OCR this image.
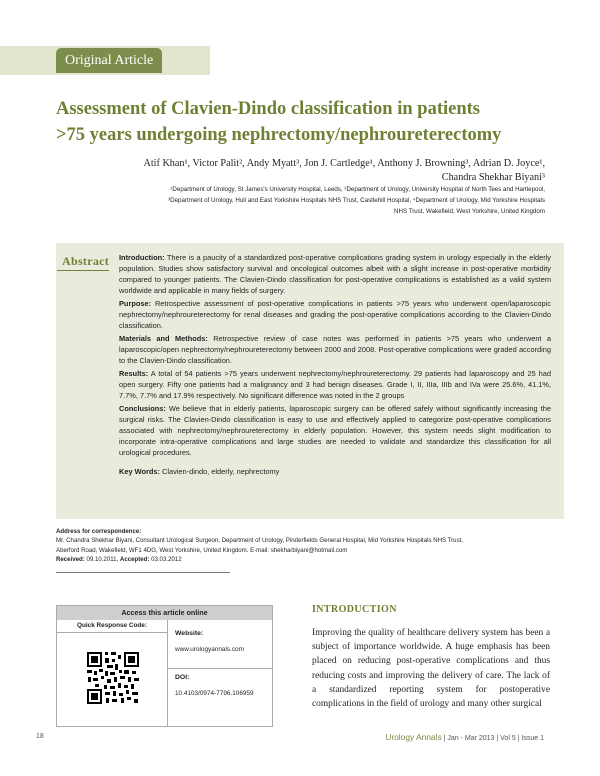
Original Article
Assessment of Clavien-Dindo classification in patients
>75 years undergoing nephrectomy/nephroureterectomy
Atif Khan¹, Victor Palit², Andy Myatt³, Jon J. Cartledge¹, Anthony J. Browning³, Adrian D. Joyce¹,
Chandra Shekhar Biyani³
¹Department of Urology, St James's University Hospital, Leeds, ²Department of Urology, University Hospital of North Tees and Hartlepool,
³Department of Urology, Hull and East Yorkshire Hospitals NHS Trust, Castlehill Hospital, ⁴Department of Urology, Mid Yorkshire Hospitals
NHS Trust, Wakefield, West Yorkshire, United Kingdom
Abstract Introduction: There is a paucity of a standardized post-operative complications grading system in urology especially in the elderly population. Studies show satisfactory survival and oncological outcomes albeit with a slight increase in post-operative morbidity compared to younger patients. The Clavien-Dindo classification for post-operative complications is established as a valid system worldwide and applicable in many fields of surgery.

Purpose: Retrospective assessment of post-operative complications in patients >75 years who underwent open/laparoscopic nephrectomy/nephroureterectomy for renal diseases and grading the post-operative complications according to the Clavien-Dindo classification.

Materials and Methods: Retrospective review of case notes was performed in patients >75 years who underwent a laparoscopic/open nephrectomy/nephroureterectomy between 2000 and 2008. Post-operative complications were graded according to the Clavien-Dindo classification.

Results: A total of 54 patients >75 years underwent nephrectomy/nephroureterectomy. 29 patients had laparoscopy and 25 had open surgery. Fifty one patients had a malignancy and 3 had benign diseases. Grade I, II, IIIa, IIIb and IVa were 25.6%, 41.1%, 7.7%, 7.7% and 17.9% respectively. No significant difference was noted in the 2 groups

Conclusions: We believe that in elderly patients, laparoscopic surgery can be offered safely without significantly increasing the surgical risks. The Clavien-Dindo classification is easy to use and effectively applied to categorize post-operative complications associated with nephrectomy/nephroureterectomy in elderly population. However, this system needs slight modification to incorporate intra-operative complications and large studies are needed to validate and standardize this classification for all urological procedures.

Key Words: Clavien-dindo, elderly, nephrectomy

Address for correspondence:
Mr. Chandra Shekhar Biyani, Consultant Urological Surgeon, Department of Urology, Pinderfields General Hospital, Mid Yorkshire Hospitals NHS Trust,
Aberford Road, Wakefield, WF1 4DG, West Yorkshire, United Kingdom. E-mail: shekharbiyani@hotmail.com
Received: 09.10.2011, Accepted: 03.03.2012
Access this article online
Quick Response Code:
Website:
www.urologyannals.com
DOI:
10.4103/0974-7796.106959
INTRODUCTION

Improving the quality of healthcare delivery system has been a subject of importance worldwide. A huge emphasis has been placed on reducing post-operative complications and thus reducing costs and improving the delivery of care. The lack of a standardized reporting system for postoperative complications in the field of urology and many other surgical

18	Urology Annals | Jan - Mar 2013 | Vol 5 | Issue 1
